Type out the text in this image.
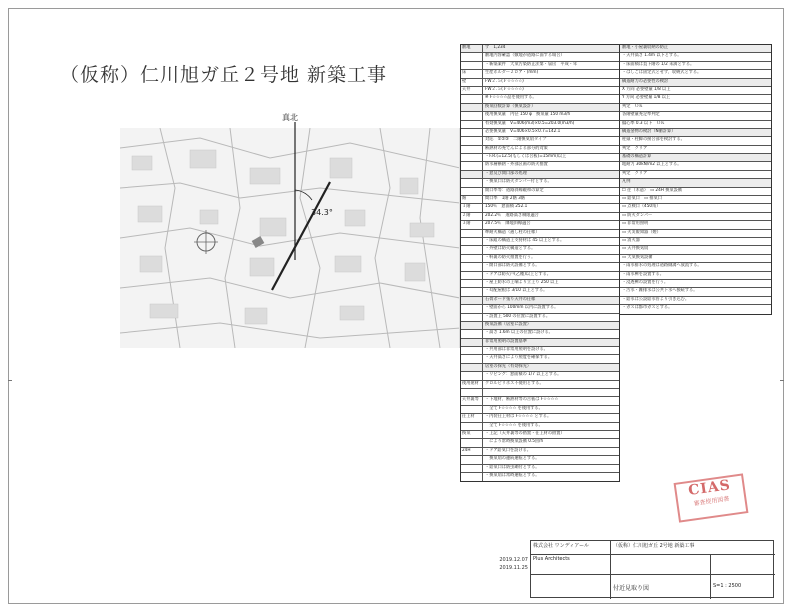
（仮称）仁川旭ガ丘２号地 新築工事
真北
34.3°
敷地	ず　1,234
敷地内容確認（敷地が道路に面する場合）
・新築案件　大気汚染防止法第・届出　平成・年
床	生産ホルダー２ロア・(mm)
壁	FW２.５(Ｆ☆☆☆☆)
天井	FW２.５(Ｆ☆☆☆☆)
※ F☆☆☆☆品を使用する。
換気回数計算（換気設計）
使用換気量　内径 150 φ　換気量 150 m3/h
有効換気量　V=406(m3)×0.5=203.0(m3/h)
必要換気量　V=406×0.5×0.7=142.1
対応　①②③　二階換気扇タイプ
断熱材の充てんによる部分的対策
・F.R.(=12.5)もしくは合板(=15mm)以上
防水層断熱・外部区画の防火措置
・窓及び開口部の処理
・換気口は防火ダンパー付とする。
開口率等：道路斜線緩和の算定
階	間口率　1階 2階 3階
１階	150％　窓面積 252.1
２階	202.2％　道路高さ制限適合
３階	207.5％　隣地斜線適合
準耐火構造（通し柱の仕様）
・床組の構造上支持材は 45 以上とする。
・外壁は防火構造とする。
・軒裏の防火措置を行う。
・開口部は防火設備とする。
・ドアは防火戸(乙種)以上とする。
・屋上防水の上端より立上り 250 以上
・勾配屋根は 3/10 以上とする。
石膏ボード張り天井の仕様
・壁面から 100mm 以内に設置する。
・設置上 500 の位置に設置する。
換気設備（居室に設置）
・高さ 1.6m 以上の位置に設ける。
非常用照明の設置基準
・共用部は非常用照明を設ける。
・天井高さにより照度を確保する。
居室の採光（有効採光）
・リビング：窓面積の 1/7 以上とする。
使用建材	クロルピリホス不使用とする。
天井裏等	・下地材、断熱材等の合板は F☆☆☆☆
　全て F☆☆☆☆ を使用する。
仕上材	・内装仕上材は F☆☆☆☆ とする。
　全て F☆☆☆☆ を使用する。
換気	・上記（天井裏等の措置・仕上材の措置）
　により常時換気設備 0.5回/h
24H	・ドア給気口を設ける。
　換気扇の連続運転とする。
・給気口は防虫網付とする。
・換気扇は常時運転とする。
敷地・小屋裏収納の防止
・天井高さ 1.4m 以下とする。
・床面積は直下階の 1/2 未満とする。
・はしごは固定式とせず、収納式とする。
構造耐力の必要性の検討
X 方向 必要壁量 1/8 以上
Y 方向 必要壁量 1/8 以上
判定　ＯＫ
各階壁量充足率判定
偏心率 0.3 以下　ＯＫ
構造金物の検討（N値計算）
柱頭・柱脚の接合部を検討する。
判定　クリア
基礎の構造計算
地耐力 30kN/m2 以上とする。
判定　クリア
凡例
☐ 住（木造）　▭ 24H 換気設備
▭ 給気口　▭ 排気口
▭ 点検口（450角）
▭ 防火ダンパー
▭ 非常用照明
▭ 火災報知器（煙）
▭ 消火器
▭ 天井換気扇
▭ 大気換気設備
・雨水排水の処理は道路側溝へ放流する。
・雨水桝を設置する。
・浸透桝の設置を行う。
・汚水・雑排水は公共下水へ接続する。
・給水は公設給水管より引き込む。
・ガスは都市ガスとする。
CIAS
審査使用図書
2019.12.07
2019.11.25
株式会社 ワンディアール	（仮称）仁川旭ガ丘 2号地 新築工事
Plus Architects
付近見取り図	S=1 : 2500
